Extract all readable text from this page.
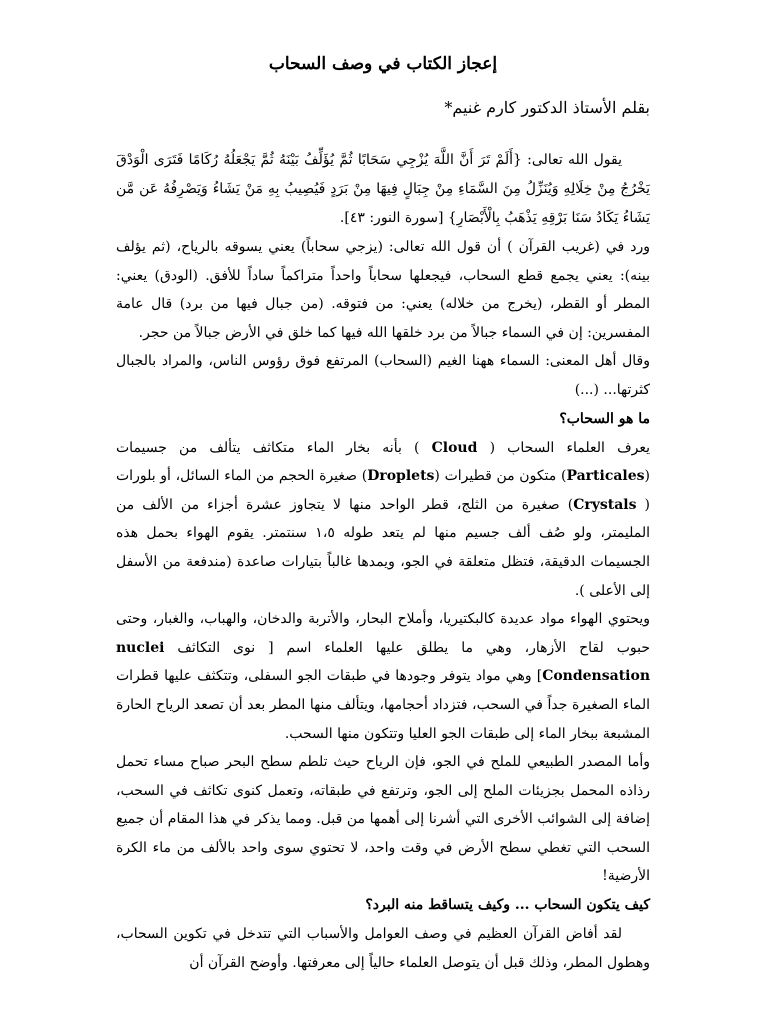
إعجاز الكتاب في وصف السحاب
بقلم الأستاذ الدكتور كارم غنيم*

يقول الله تعالى: {أَلَمْ تَرَ أَنَّ اللَّهَ يُزْجِي سَحَابًا ثُمَّ يُؤَلِّفُ بَيْنَهُ ثُمَّ يَجْعَلُهُ رُكَامًا فَتَرَى الْوَدْقَ يَخْرُجُ مِنْ خِلَالِهِ وَيُنَزِّلُ مِنَ السَّمَاءِ مِنْ جِبَالٍ فِيهَا مِنْ بَرَدٍ فَيُصِيبُ بِهِ مَنْ يَشَاءُ وَيَصْرِفُهُ عَن مَّن يَشَاءُ يَكَادُ سَنَا بَرْقِهِ يَذْهَبُ بِالْأَبْصَارِ} [سورة النور: ٤٣].

ورد في (غريب القرآن ) أن قول الله تعالى: (يزجي سحاباً) يعني يسوقه بالرياح، (ثم يؤلف بينه): يعني يجمع قطع السحاب، فيجعلها سحاباً واحداً متراكماً ساداً للأفق. (الودق) يعني: المطر أو القطر، (يخرج من خلاله) يعني: من فتوقه. (من جبال فيها من برد) قال عامة المفسرين: إن في السماء جبالاً من برد خلقها الله فيها كما خلق في الأرض جبالاً من حجر.

وقال أهل المعنى: السماء ههنا الغيم (السحاب) المرتفع فوق رؤوس الناس، والمراد بالجبال كثرتها... (...)

ما هو السحاب؟

يعرف العلماء السحاب ( Cloud ) بأنه بخار الماء متكاثف يتألف من جسيمات (Particales) متكون من قطيرات (Droplets) صغيرة الحجم من الماء السائل، أو بلورات ( Crystals) صغيرة من الثلج، قطر الواحد منها لا يتجاوز عشرة أجزاء من الألف من المليمتر، ولو صُف ألف جسيم منها لم يتعد طوله ١،٥ سنتمتر. يقوم الهواء بحمل هذه الجسيمات الدقيقة، فتظل متعلقة في الجو، ويمدها غالباً بتيارات صاعدة (مندفعة من الأسفل إلى الأعلى ).

ويحتوي الهواء مواد عديدة كالبكتيريا، وأملاح البحار، والأتربة والدخان، والهباب، والغبار، وحتى حبوب لقاح الأزهار، وهي ما يطلق عليها العلماء اسم [ نوى التكاثف nuclei Condensation] وهي مواد يتوفر وجودها في طبقات الجو السفلى، وتتكثف عليها قطرات الماء الصغيرة جداً في السحب، فتزداد أحجامها، ويتألف منها المطر بعد أن تصعد الرياح الحارة المشبعة ببخار الماء إلى طبقات الجو العليا وتتكون منها السحب.

وأما المصدر الطبيعي للملح في الجو، فإن الرياح حيث تلطم سطح البحر صباح مساء تحمل رذاذه المحمل بجزيئات الملح إلى الجو، وترتفع في طبقاته، وتعمل كنوى تكاثف في السحب، إضافة إلى الشوائب الأخرى التي أشرنا إلى أهمها من قبل. ومما يذكر في هذا المقام أن جميع السحب التي تغطي سطح الأرض في وقت واحد، لا تحتوي سوى واحد بالألف من ماء الكرة الأرضية!

كيف يتكون السحاب ... وكيف يتساقط منه البرد؟

لقد أفاض القرآن العظيم في وصف العوامل والأسباب التي تتدخل في تكوين السحاب، وهطول المطر، وذلك قبل أن يتوصل العلماء حالياً إلى معرفتها. وأوضح القرآن أن
